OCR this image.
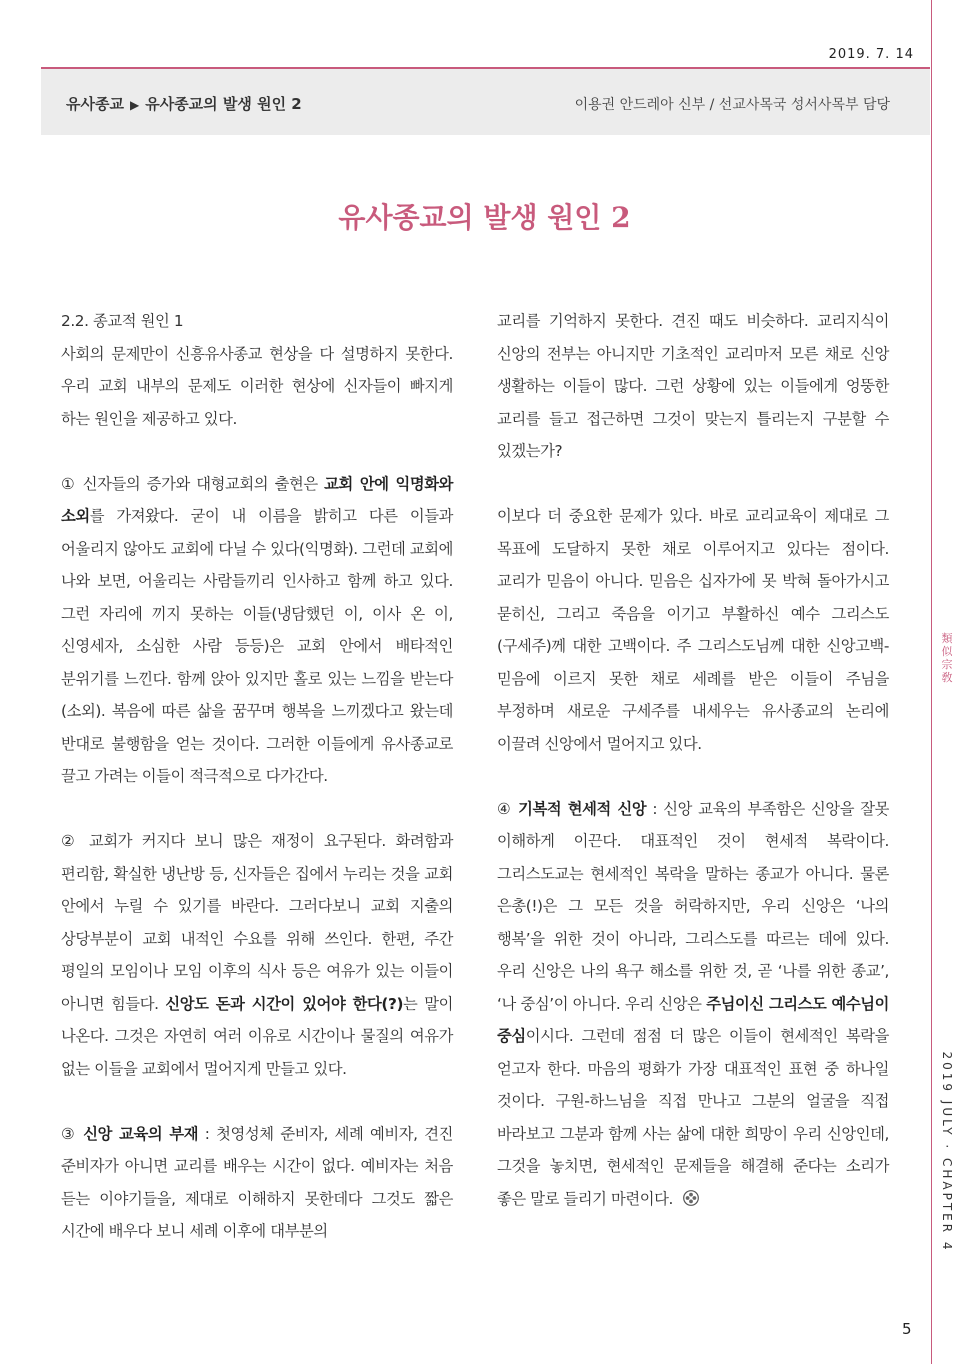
2019. 7. 14
유사종교 ▶ 유사종교의 발생 원인 2	이용권 안드레아 신부 / 선교사목국 성서사목부 담당
유사종교의 발생 원인 2

2.2. 종교적 원인 1
사회의 문제만이 신흥유사종교 현상을 다 설명하지 못한다. 우리 교회 내부의 문제도 이러한 현상에 신자들이 빠지게 하는 원인을 제공하고 있다.

① 신자들의 증가와 대형교회의 출현은 교회 안에 익명화와 소외를 가져왔다. 굳이 내 이름을 밝히고 다른 이들과 어울리지 않아도 교회에 다닐 수 있다(익명화). 그런데 교회에 나와 보면, 어울리는 사람들끼리 인사하고 함께 하고 있다. 그런 자리에 끼지 못하는 이들(냉담했던 이, 이사 온 이, 신영세자, 소심한 사람 등등)은 교회 안에서 배타적인 분위기를 느낀다. 함께 앉아 있지만 홀로 있는 느낌을 받는다(소외). 복음에 따른 삶을 꿈꾸며 행복을 느끼겠다고 왔는데 반대로 불행함을 얻는 것이다. 그러한 이들에게 유사종교로 끌고 가려는 이들이 적극적으로 다가간다.

② 교회가 커지다 보니 많은 재정이 요구된다. 화려함과 편리함, 확실한 냉난방 등, 신자들은 집에서 누리는 것을 교회 안에서 누릴 수 있기를 바란다. 그러다보니 교회 지출의 상당부분이 교회 내적인 수요를 위해 쓰인다. 한편, 주간 평일의 모임이나 모임 이후의 식사 등은 여유가 있는 이들이 아니면 힘들다. 신앙도 돈과 시간이 있어야 한다(?)는 말이 나온다. 그것은 자연히 여러 이유로 시간이나 물질의 여유가 없는 이들을 교회에서 멀어지게 만들고 있다.

③ 신앙 교육의 부재 : 첫영성체 준비자, 세례 예비자, 견진 준비자가 아니면 교리를 배우는 시간이 없다. 예비자는 처음 듣는 이야기들을, 제대로 이해하지 못한데다 그것도 짧은 시간에 배우다 보니 세례 이후에 대부분의

교리를 기억하지 못한다. 견진 때도 비슷하다. 교리지식이 신앙의 전부는 아니지만 기초적인 교리마저 모른 채로 신앙 생활하는 이들이 많다. 그런 상황에 있는 이들에게 엉뚱한 교리를 들고 접근하면 그것이 맞는지 틀리는지 구분할 수 있겠는가?

이보다 더 중요한 문제가 있다. 바로 교리교육이 제대로 그 목표에 도달하지 못한 채로 이루어지고 있다는 점이다. 교리가 믿음이 아니다. 믿음은 십자가에 못 박혀 돌아가시고 묻히신, 그리고 죽음을 이기고 부활하신 예수 그리스도(구세주)께 대한 고백이다. 주 그리스도님께 대한 신앙고백-믿음에 이르지 못한 채로 세례를 받은 이들이 주님을 부정하며 새로운 구세주를 내세우는 유사종교의 논리에 이끌려 신앙에서 멀어지고 있다.

④ 기복적 현세적 신앙 : 신앙 교육의 부족함은 신앙을 잘못 이해하게 이끈다. 대표적인 것이 현세적 복락이다. 그리스도교는 현세적인 복락을 말하는 종교가 아니다. 물론 은총(!)은 그 모든 것을 허락하지만, 우리 신앙은 ‘나의 행복’을 위한 것이 아니라, 그리스도를 따르는 데에 있다. 우리 신앙은 나의 욕구 해소를 위한 것, 곧 ‘나를 위한 종교’, ‘나 중심’이 아니다. 우리 신앙은 주님이신 그리스도 예수님이 중심이시다. 그런데 점점 더 많은 이들이 현세적인 복락을 얻고자 한다. 마음의 평화가 가장 대표적인 표현 중 하나일 것이다. 구원-하느님을 직접 만나고 그분의 얼굴을 직접 바라보고 그분과 함께 사는 삶에 대한 희망이 우리 신앙인데, 그것을 놓치면, 현세적인 문제들을 해결해 준다는 소리가 좋은 말로 들리기 마련이다.

類
似
宗
敎
2019 JULY · CHAPTER 4
5
